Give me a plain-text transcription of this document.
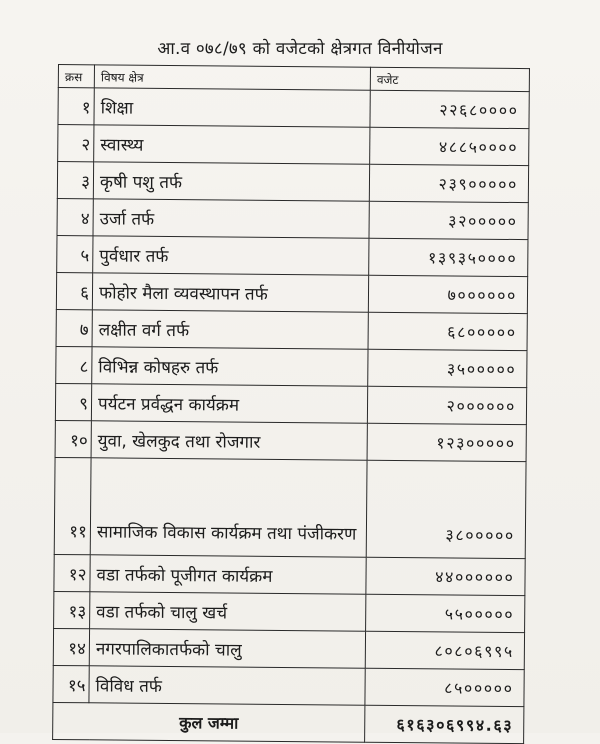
आ.व ०७८/७९ को वजेटको क्षेत्रगत विनीयोजन
क्रस	विषय क्षेत्र	वजेट
१	शिक्षा	२२६८००००
२	स्वास्थ्य	४८८५००००
३	कृषी पशु तर्फ	२३९०००००
४	उर्जा तर्फ	३२०००००
५	पुर्वधार तर्फ	१३९३५००००
६	फोहोर मैला व्यवस्थापन तर्फ	७००००००
७	लक्षीत वर्ग तर्फ	६८०००००
८	विभिन्न कोषहरु तर्फ	३५०००००
९	पर्यटन प्रर्वद्धन कार्यक्रम	२००००००
१०	युवा, खेलकुद तथा रोजगार	१२३०००००
११	सामाजिक विकास कार्यक्रम तथा पंजीकरण	३८०००००
१२	वडा तर्फको पूजीगत कार्यक्रम	४४००००००
१३	वडा तर्फको चालु खर्च	५५०००००
१४	नगरपालिकातर्फको चालु	८०८०६९९५
१५	विविध तर्फ	८५०००००
कुल जम्मा		६१६३०६९९४.६३
